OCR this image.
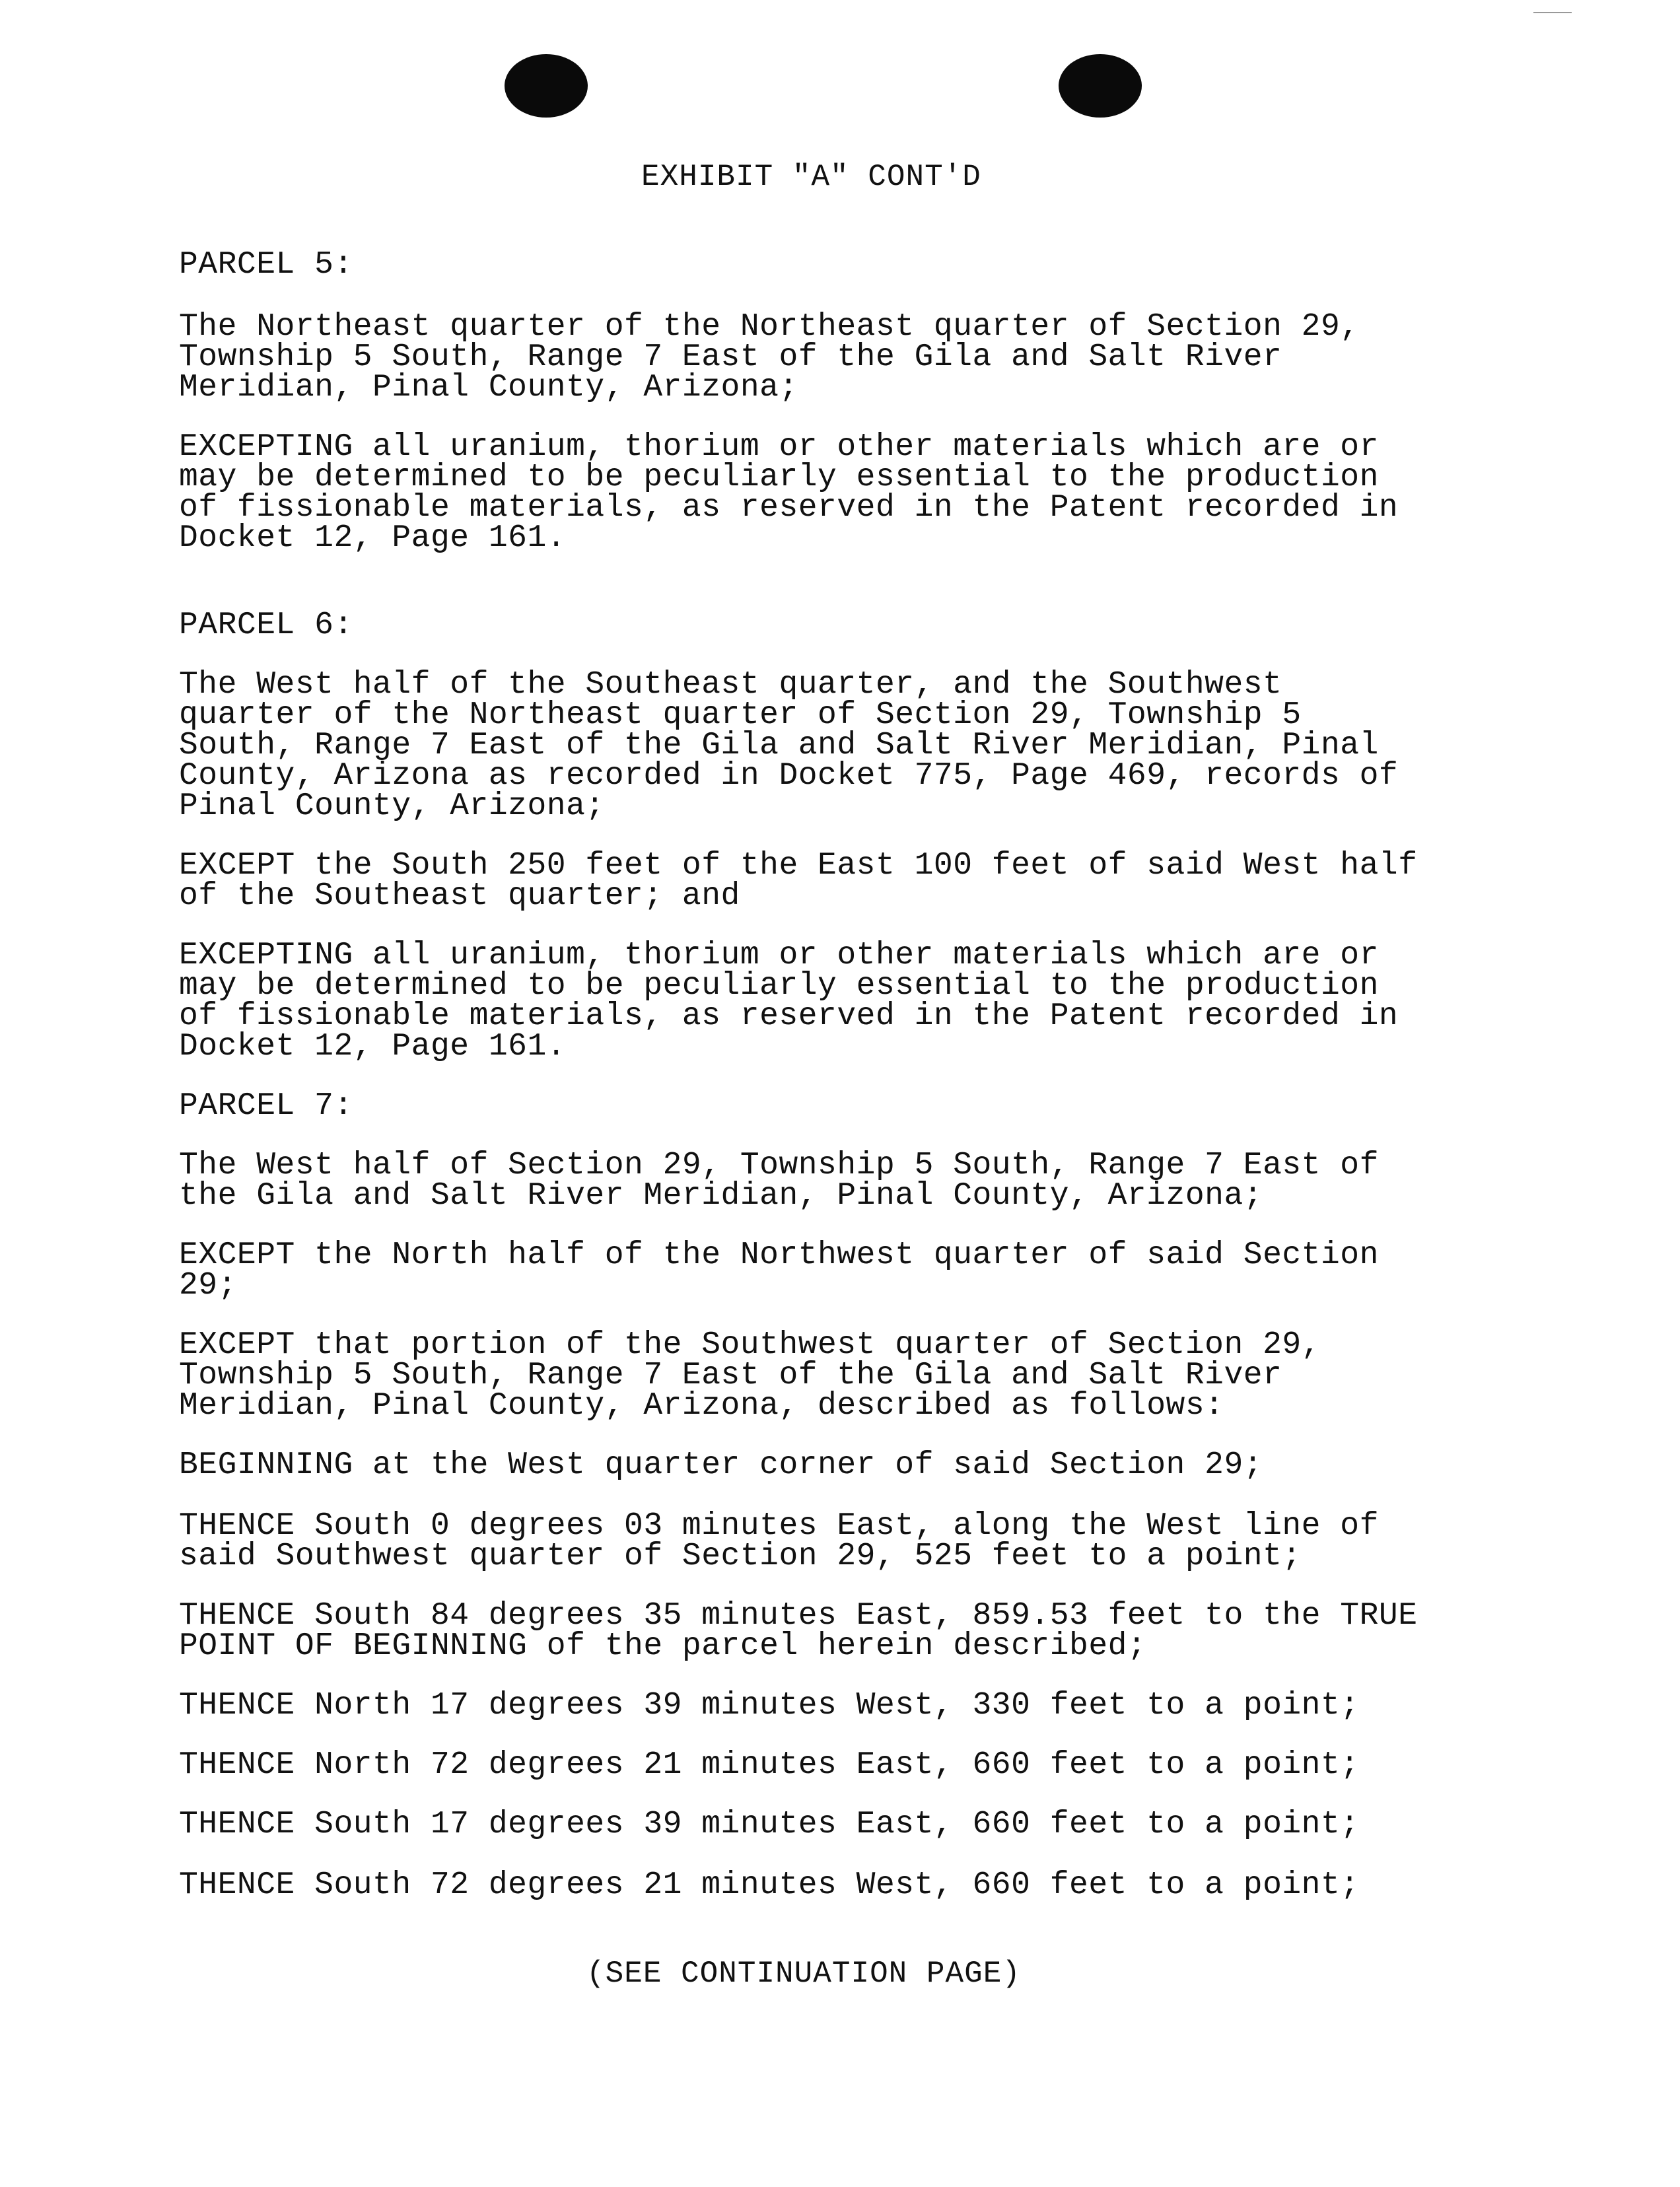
EXHIBIT "A" CONT'D
PARCEL 5:
The Northeast quarter of the Northeast quarter of Section 29,
Township 5 South, Range 7 East of the Gila and Salt River
Meridian, Pinal County, Arizona;
EXCEPTING all uranium, thorium or other materials which are or
may be determined to be peculiarly essential to the production
of fissionable materials, as reserved in the Patent recorded in
Docket 12, Page 161.
PARCEL 6:
The West half of the Southeast quarter, and the Southwest
quarter of the Northeast quarter of Section 29, Township 5
South, Range 7 East of the Gila and Salt River Meridian, Pinal
County, Arizona as recorded in Docket 775, Page 469, records of
Pinal County, Arizona;
EXCEPT the South 250 feet of the East 100 feet of said West half
of the Southeast quarter; and
EXCEPTING all uranium, thorium or other materials which are or
may be determined to be peculiarly essential to the production
of fissionable materials, as reserved in the Patent recorded in
Docket 12, Page 161.
PARCEL 7:
The West half of Section 29, Township 5 South, Range 7 East of
the Gila and Salt River Meridian, Pinal County, Arizona;
EXCEPT the North half of the Northwest quarter of said Section
29;
EXCEPT that portion of the Southwest quarter of Section 29,
Township 5 South, Range 7 East of the Gila and Salt River
Meridian, Pinal County, Arizona, described as follows:
BEGINNING at the West quarter corner of said Section 29;
THENCE South 0 degrees 03 minutes East, along the West line of
said Southwest quarter of Section 29, 525 feet to a point;
THENCE South 84 degrees 35 minutes East, 859.53 feet to the TRUE
POINT OF BEGINNING of the parcel herein described;
THENCE North 17 degrees 39 minutes West, 330 feet to a point;
THENCE North 72 degrees 21 minutes East, 660 feet to a point;
THENCE South 17 degrees 39 minutes East, 660 feet to a point;
THENCE South 72 degrees 21 minutes West, 660 feet to a point;
(SEE CONTINUATION PAGE)
